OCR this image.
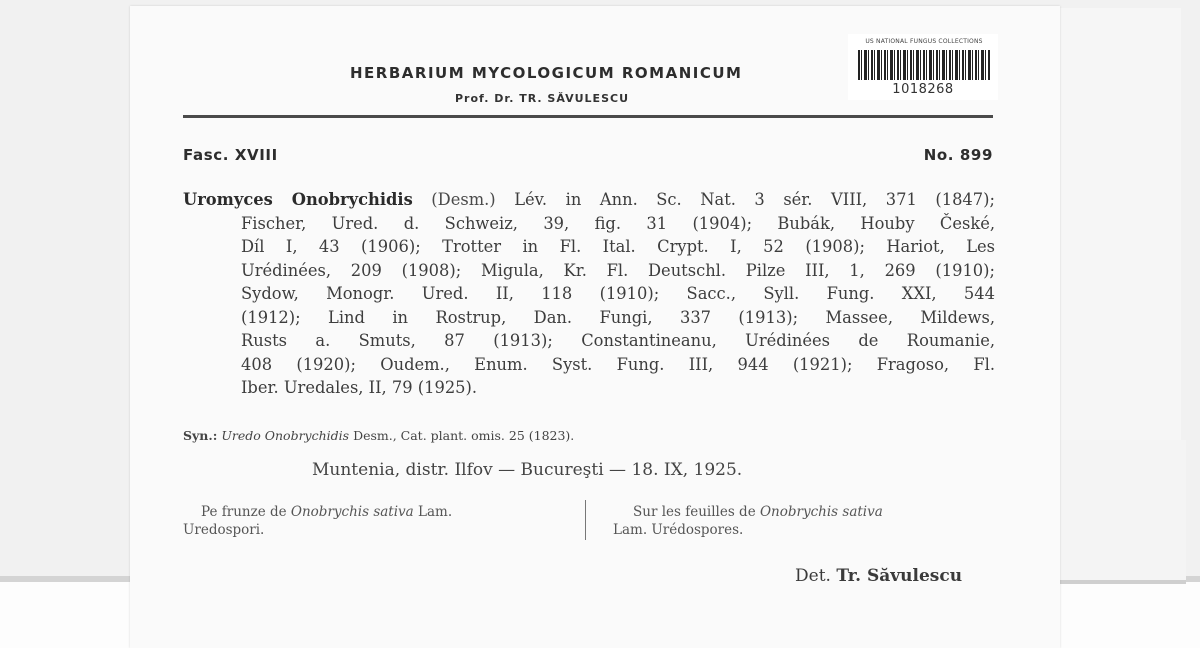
HERBARIUM MYCOLOGICUM ROMANICUM
Prof. Dr. TR. SĂVULESCU
US NATIONAL FUNGUS COLLECTIONS
1018268
Fasc. XVIII	No. 899
Uromyces Onobrychidis (Desm.) Lév. in Ann. Sc. Nat. 3 sér. VIII, 371 (1847);
Fischer, Ured. d. Schweiz, 39, fig. 31 (1904); Bubák, Houby České,
Díl I, 43 (1906); Trotter in Fl. Ital. Crypt. I, 52 (1908); Hariot, Les
Urédinées, 209 (1908); Migula, Kr. Fl. Deutschl. Pilze III, 1, 269 (1910);
Sydow, Monogr. Ured. II, 118 (1910); Sacc., Syll. Fung. XXI, 544
(1912); Lind in Rostrup, Dan. Fungi, 337 (1913); Massee, Mildews,
Rusts a. Smuts, 87 (1913); Constantineanu, Urédinées de Roumanie,
408 (1920); Oudem., Enum. Syst. Fung. III, 944 (1921); Fragoso, Fl.
Iber. Uredales, II, 79 (1925).
Syn.: Uredo Onobrychidis Desm., Cat. plant. omis. 25 (1823).
Muntenia, distr. Ilfov — Bucureşti — 18. IX, 1925.
Pe frunze de Onobrychis sativa Lam.
Uredospori.
Sur les feuilles de Onobrychis sativa
Lam. Urédospores.
Det. Tr. Săvulescu
